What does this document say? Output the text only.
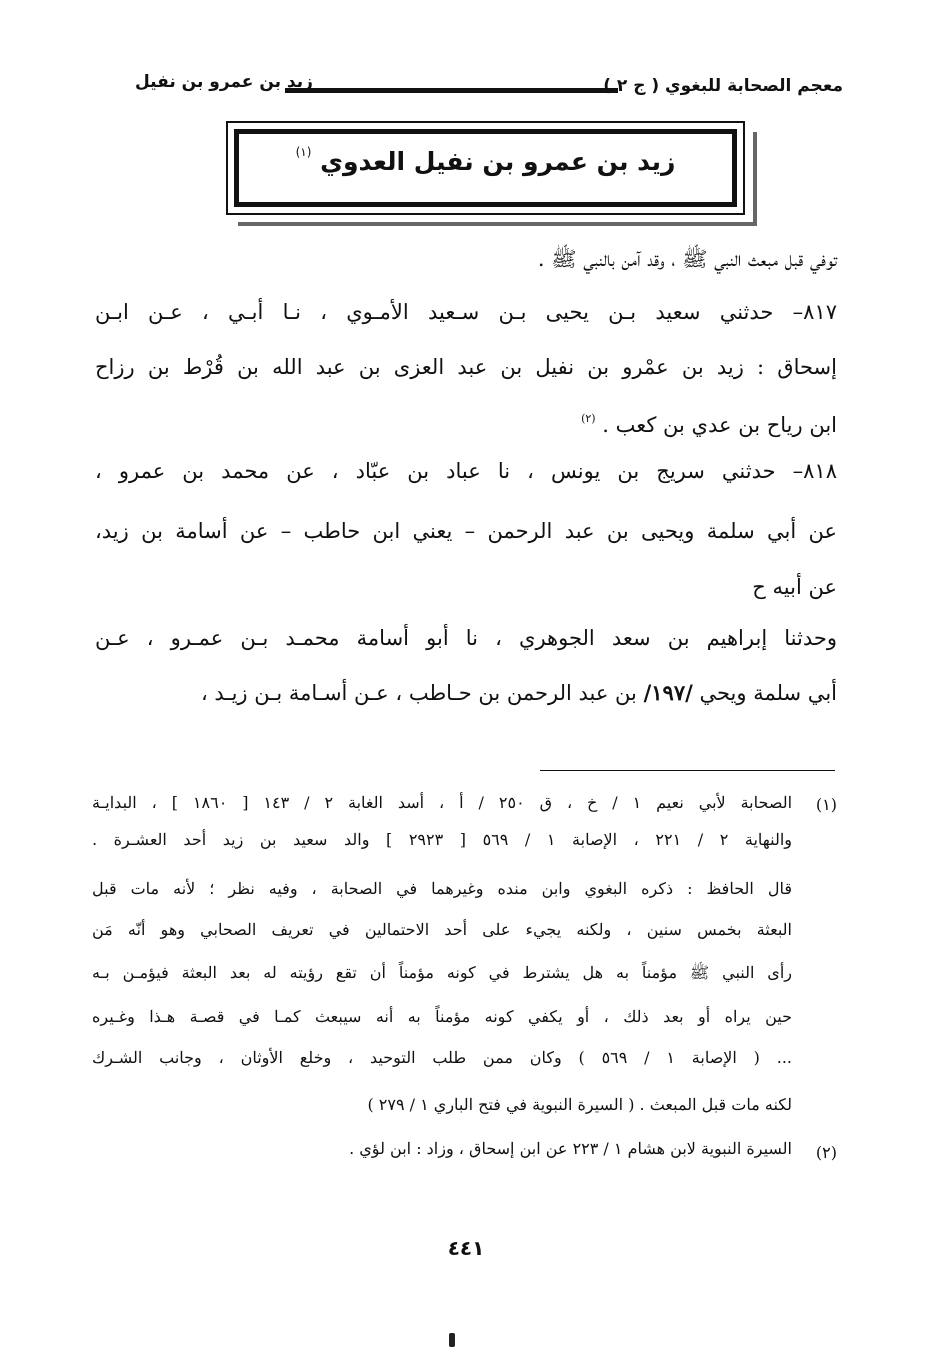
معجم الصحابة للبغوي ( ج ٢ )
زيد بن عمرو بن نفيل
زيد بن عمرو بن نفيل العدوي $^{(١)}$
توفي قبل مبعث النبي ﷺ ، وقد آمن بالنبي ﷺ .
٨١٧– حدثني سعيد بـن يحيى بـن سـعيد الأمـوي ، نـا أبـي ، عـن ابـن
إسحاق : زيد بن عمْرو بن نفيل بن عبد العزى بن عبد الله بن قُرْط بن رزاح
ابن رياح بن عدي بن كعب . $^{(٢)}$
٨١٨– حدثني سريج بن يونس ، نا عباد بن عبّاد ، عن محمد بن عمرو ،
عن أبي سلمة ويحيى بن عبد الرحمن – يعني ابن حاطب – عن أسامة بن زيد،
عن أبيه ح
وحدثنا إبراهيم بن سعد الجوهري ، نا أبو أسامة محمـد بـن عمـرو ، عـن
أبي سلمة ويحي /١٩٧/ بن عبد الرحمن بن حـاطب ، عـن أسـامة بـن زيـد ،
(١)
الصحابة لأبي نعيم ١ / خ ، ق ٢٥٠ / أ ، أسد الغابة ٢ / ١٤٣ [ ١٨٦٠ ] ، البدايـة
والنهاية ٢ / ٢٢١ ، الإصابة ١ / ٥٦٩ [ ٢٩٢٣ ] والد سعيد بن زيد أحد العشـرة .
قال الحافظ : ذكره البغوي وابن منده وغيرهما في الصحابة ، وفيه نظر ؛ لأنه مات قبل
البعثة بخمس سنين ، ولكنه يجيء على أحد الاحتمالين في تعريف الصحابي وهو أنّه مَن
رأى النبي ﷺ مؤمناً به هل يشترط في كونه مؤمناً أن تقع رؤيته له بعد البعثة فيؤمـن بـه
حين يراه أو بعد ذلك ، أو يكفي كونه مؤمناً به أنه سيبعث كمـا في قصـة هـذا وغـيره
... ( الإصابة ١ / ٥٦٩ ) وكان ممن طلب التوحيد ، وخلع الأوثان ، وجانب الشـرك
لكنه مات قبل المبعث . ( السيرة النبوية في فتح الباري ١ / ٢٧٩ )
(٢)
السيرة النبوية لابن هشام ١ / ٢٢٣ عن ابن إسحاق ، وزاد : ابن لؤي .
٤٤١
